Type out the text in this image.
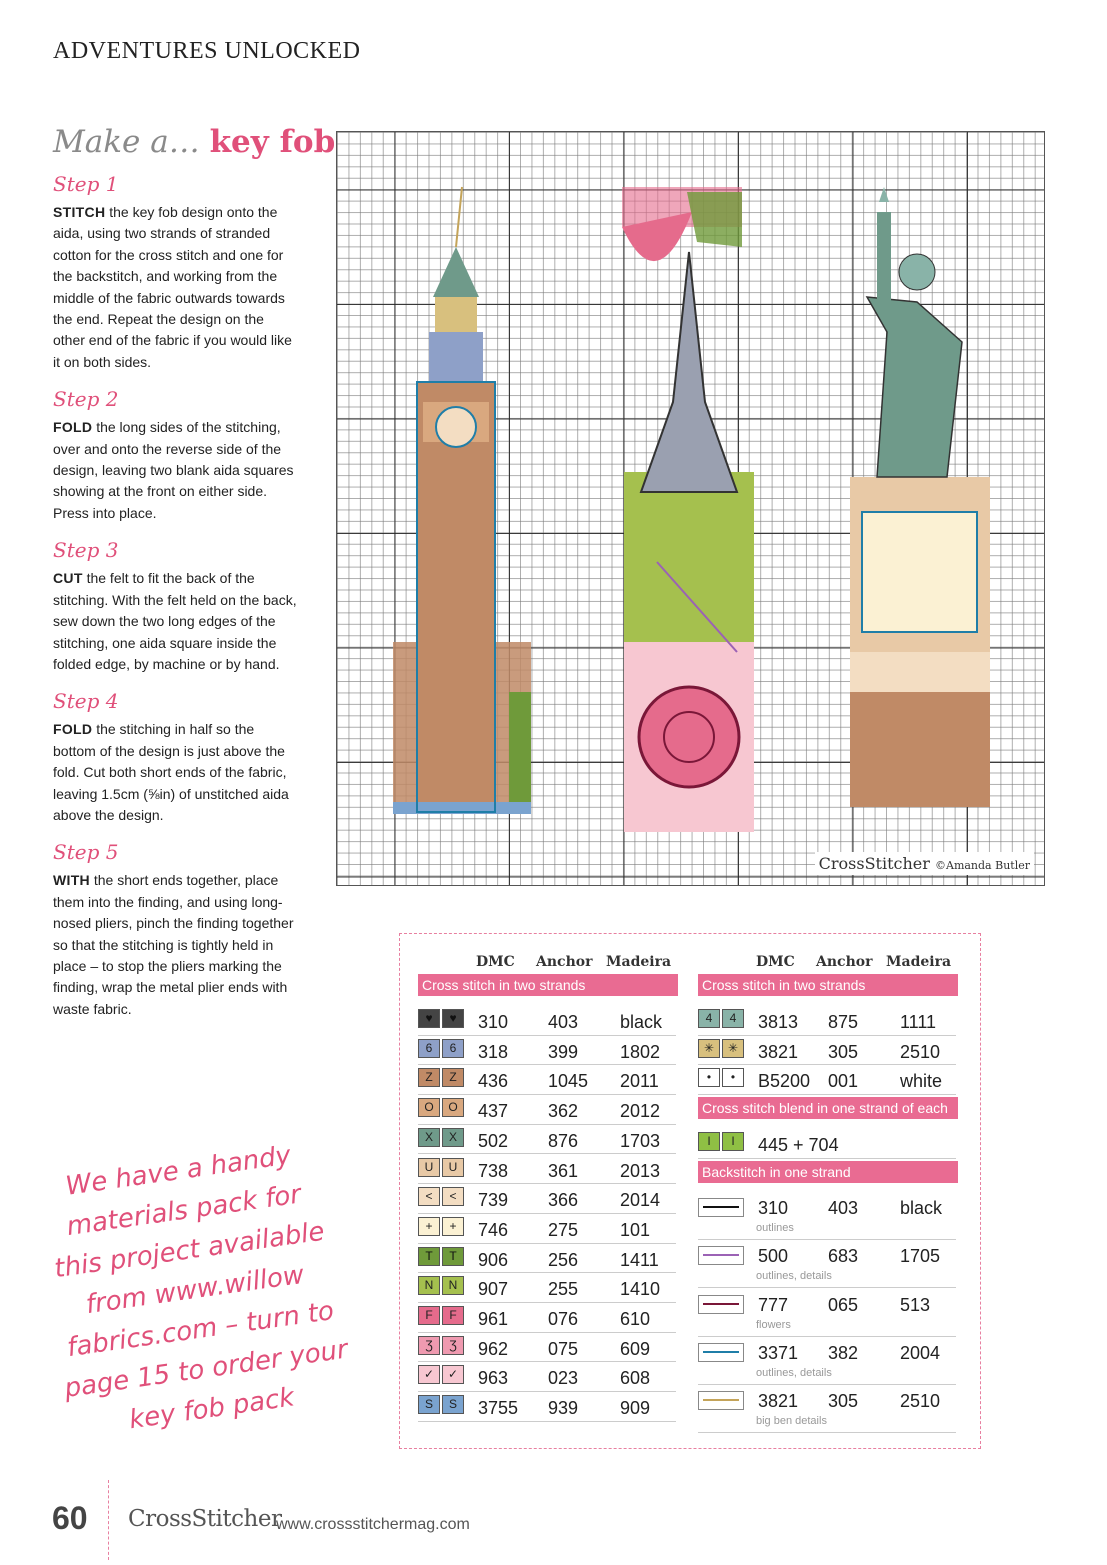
ADVENTURES UNLOCKED
Make a… key fob
Step 1

STITCH the key fob design onto the aida, using two strands of stranded cotton for the cross stitch and one for the backstitch, and working from the middle of the fabric outwards towards the end. Repeat the design on the other end of the fabric if you would like it on both sides.

Step 2

FOLD the long sides of the stitching, over and onto the reverse side of the design, leaving two blank aida squares showing at the front on either side. Press into place.

Step 3

CUT the felt to fit the back of the stitching. With the felt held on the back, sew down the two long edges of the stitching, one aida square inside the folded edge, by machine or by hand.

Step 4

FOLD the stitching in half so the bottom of the design is just above the fold. Cut both short ends of the fabric, leaving 1.5cm (⅝in) of unstitched aida above the design.

Step 5

WITH the short ends together, place them into the finding, and using long-nosed pliers, pinch the finding together so that the stitching is tightly held in place – to stop the pliers marking the finding, wrap the metal plier ends with waste fabric.

CrossStitcher ©Amanda Butler
DMC Anchor Madeira
Cross stitch in two strands
♥	♥	310 403 black
6	6	318 399 1802
Z	Z	436 1045 2011
O	O	437 362 2012
X	X	502 876 1703
U	U	738 361 2013
<	<	739 366 2014
+	+	746 275 101
T	T	906 256 1411
N	N	907 255 1410
F	F	961 076 610
Ʒ	Ʒ	962 075 609
✓	✓	963 023 608
S	S	3755 939 909
DMC Anchor Madeira
Cross stitch in two strands
4	4	3813 875 1111
✳	✳	3821 305 2510
•	•	B5200 001 white
Cross stitch blend in one strand of each
I	I	445 + 704
Backstitch in one strand
310 403 black
outlines
500 683 1705
outlines, details
777 065 513
flowers
3371 382 2004
outlines, details
3821 305 2510
big ben details
We have a handy materials pack for this project available from www.willow fabrics.com – turn to page 15 to order your key fob pack
60 CrossStitcher
www.crossstitchermag.com
